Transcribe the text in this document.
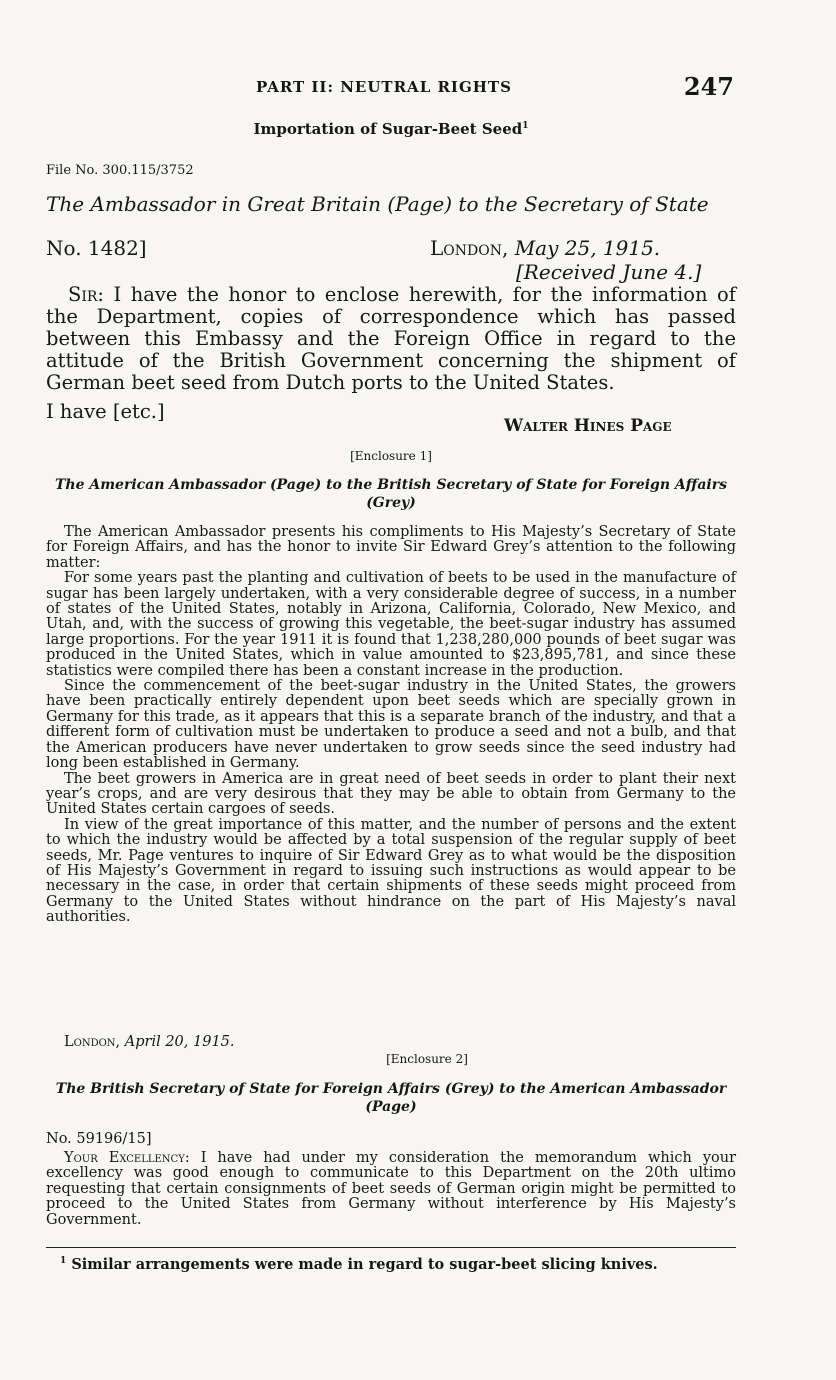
PART II: NEUTRAL RIGHTS	247
Importation of Sugar-Beet Seed$^1$
File No. 300.115/3752
The Ambassador in Great Britain (Page) to the Secretary of State
No. 1482]	London, May 25, 1915.
[Received June 4.]

Sir: I have the honor to enclose herewith, for the information of the Department, copies of correspondence which has passed between this Embassy and the Foreign Office in regard to the attitude of the British Government concerning the shipment of German beet seed from Dutch ports to the United States.

I have [etc.]
Walter Hines Page
[Enclosure 1]
The American Ambassador (Page) to the British Secretary of State for Foreign Affairs (Grey)

The American Ambassador presents his compliments to His Majesty’s Secretary of State for Foreign Affairs, and has the honor to invite Sir Edward Grey’s attention to the following matter:

For some years past the planting and cultivation of beets to be used in the manufacture of sugar has been largely undertaken, with a very considerable degree of success, in a number of states of the United States, notably in Arizona, California, Colorado, New Mexico, and Utah, and, with the success of growing this vegetable, the beet-sugar industry has assumed large proportions. For the year 1911 it is found that 1,238,280,000 pounds of beet sugar was produced in the United States, which in value amounted to $23,895,781, and since these statistics were compiled there has been a constant increase in the production.

Since the commencement of the beet-sugar industry in the United States, the growers have been practically entirely dependent upon beet seeds which are specially grown in Germany for this trade, as it appears that this is a separate branch of the industry, and that a different form of cultivation must be undertaken to produce a seed and not a bulb, and that the American producers have never undertaken to grow seeds since the seed industry had long been established in Germany.

The beet growers in America are in great need of beet seeds in order to plant their next year’s crops, and are very desirous that they may be able to obtain from Germany to the United States certain cargoes of seeds.

In view of the great importance of this matter, and the number of persons and the extent to which the industry would be affected by a total suspension of the regular supply of beet seeds, Mr. Page ventures to inquire of Sir Edward Grey as to what would be the disposition of His Majesty’s Government in regard to issuing such instructions as would appear to be necessary in the case, in order that certain shipments of these seeds might proceed from Germany to the United States without hindrance on the part of His Majesty’s naval authorities.

London, April 20, 1915.
[Enclosure 2]
The British Secretary of State for Foreign Affairs (Grey) to the American Ambassador (Page)
No. 59196/15]

Your Excellency: I have had under my consideration the memorandum which your excellency was good enough to communicate to this Department on the 20th ultimo requesting that certain consignments of beet seeds of German origin might be permitted to proceed to the United States from Germany without interference by His Majesty’s Government.

$^1$ Similar arrangements were made in regard to sugar-beet slicing knives.
